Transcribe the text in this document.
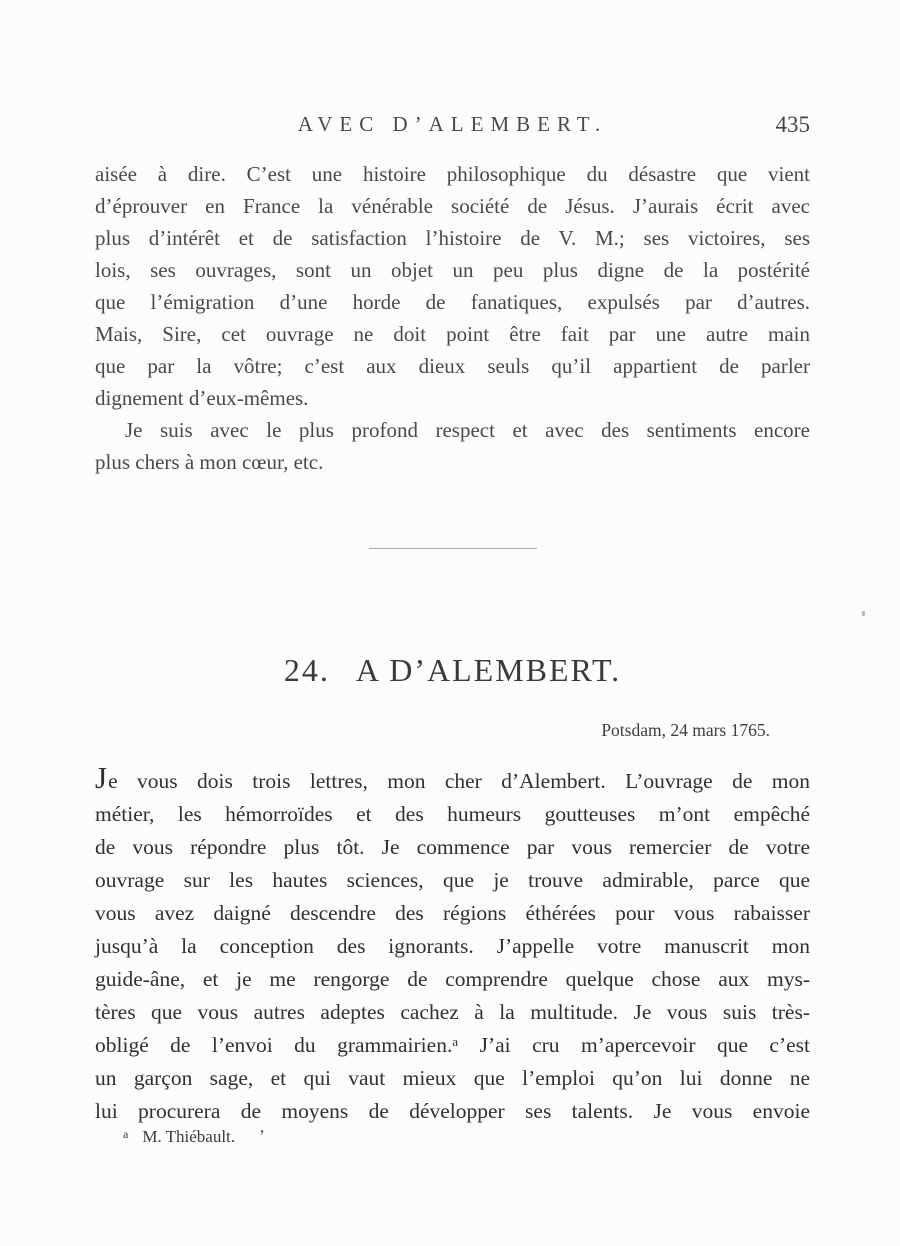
AVEC D’ALEMBERT.	435
aisée à dire. C’est une histoire philosophique du désastre que vient
d’éprouver en France la vénérable société de Jésus. J’aurais écrit avec
plus d’intérêt et de satisfaction l’histoire de V. M.; ses victoires, ses
lois, ses ouvrages, sont un objet un peu plus digne de la postérité
que l’émigration d’une horde de fanatiques, expulsés par d’autres.
Mais, Sire, cet ouvrage ne doit point être fait par une autre main
que par la vôtre; c’est aux dieux seuls qu’il appartient de parler
dignement d’eux-mêmes.
Je suis avec le plus profond respect et avec des sentiments encore
plus chers à mon cœur, etc.
24. A D’ALEMBERT.
Potsdam, 24 mars 1765.
Je vous dois trois lettres, mon cher d’Alembert. L’ouvrage de mon
métier, les hémorroïdes et des humeurs goutteuses m’ont empêché
de vous répondre plus tôt. Je commence par vous remercier de votre
ouvrage sur les hautes sciences, que je trouve admirable, parce que
vous avez daigné descendre des régions éthérées pour vous rabaisser
jusqu’à la conception des ignorants. J’appelle votre manuscrit mon
guide-âne, et je me rengorge de comprendre quelque chose aux mys-
tères que vous autres adeptes cachez à la multitude. Je vous suis très-
obligé de l’envoi du grammairien.ᵃ J’ai cru m’apercevoir que c’est
un garçon sage, et qui vaut mieux que l’emploi qu’on lui donne ne
lui procurera de moyens de développer ses talents. Je vous envoie
$^a$ M. Thiébault. ’
